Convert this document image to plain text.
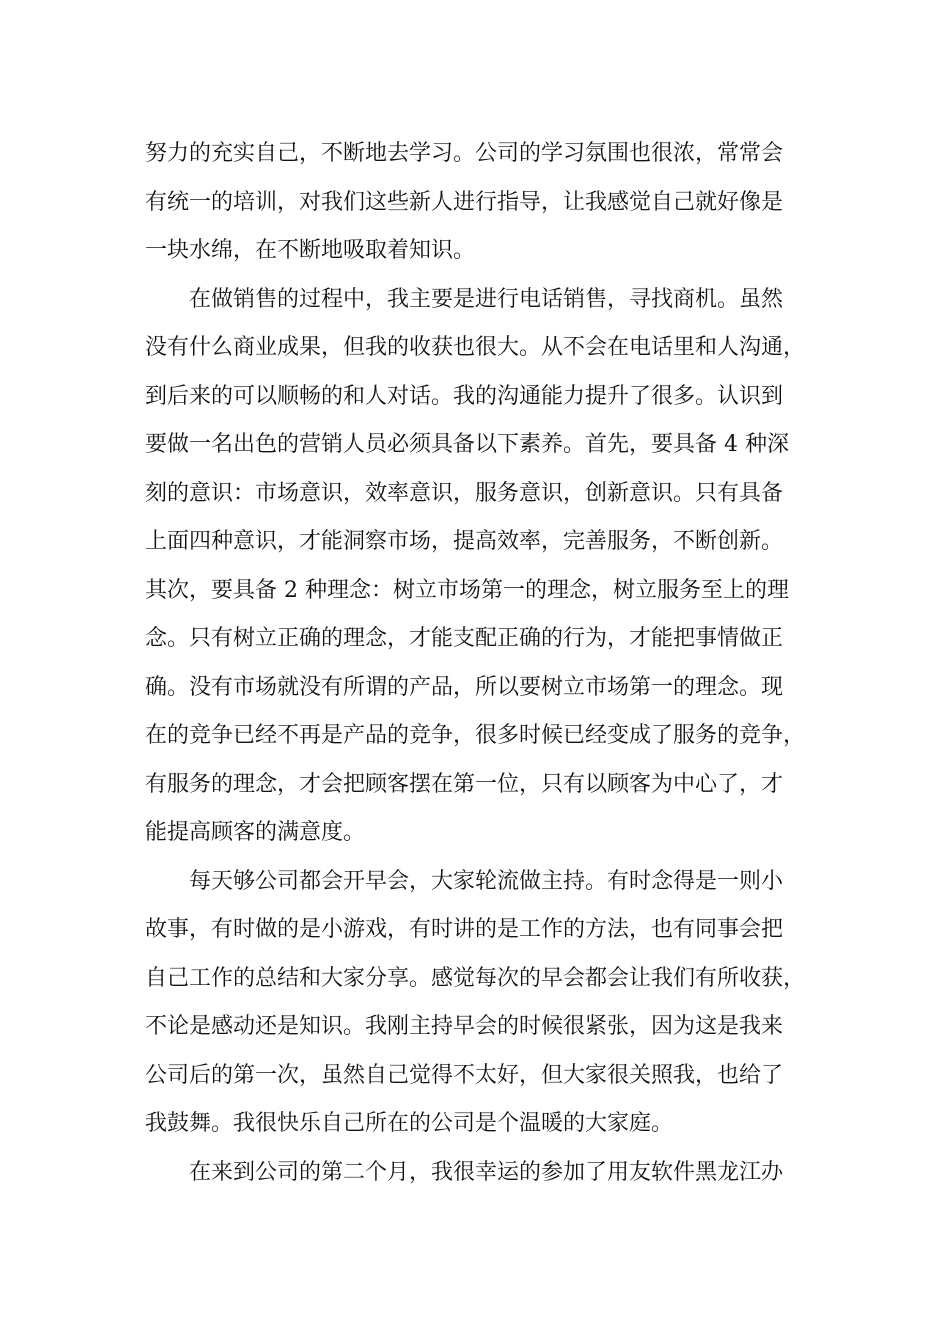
努力的充实自己，不断地去学习。公司的学习氛围也很浓，常常会
有统一的培训，对我们这些新人进行指导，让我感觉自己就好像是
一块水绵，在不断地吸取着知识。
　　在做销售的过程中，我主要是进行电话销售，寻找商机。虽然
没有什么商业成果，但我的收获也很大。从不会在电话里和人沟通，
到后来的可以顺畅的和人对话。我的沟通能力提升了很多。认识到
要做一名出色的营销人员必须具备以下素养。首先，要具备 4 种深
刻的意识：市场意识，效率意识，服务意识，创新意识。只有具备
上面四种意识，才能洞察市场，提高效率，完善服务，不断创新。
其次，要具备 2 种理念：树立市场第一的理念，树立服务至上的理
念。只有树立正确的理念，才能支配正确的行为，才能把事情做正
确。没有市场就没有所谓的产品，所以要树立市场第一的理念。现
在的竞争已经不再是产品的竞争，很多时候已经变成了服务的竞争，
有服务的理念，才会把顾客摆在第一位，只有以顾客为中心了，才
能提高顾客的满意度。
　　每天够公司都会开早会，大家轮流做主持。有时念得是一则小
故事，有时做的是小游戏，有时讲的是工作的方法，也有同事会把
自己工作的总结和大家分享。感觉每次的早会都会让我们有所收获，
不论是感动还是知识。我刚主持早会的时候很紧张，因为这是我来
公司后的第一次，虽然自己觉得不太好，但大家很关照我，也给了
我鼓舞。我很快乐自己所在的公司是个温暖的大家庭。
　　在来到公司的第二个月，我很幸运的参加了用友软件黑龙江办
